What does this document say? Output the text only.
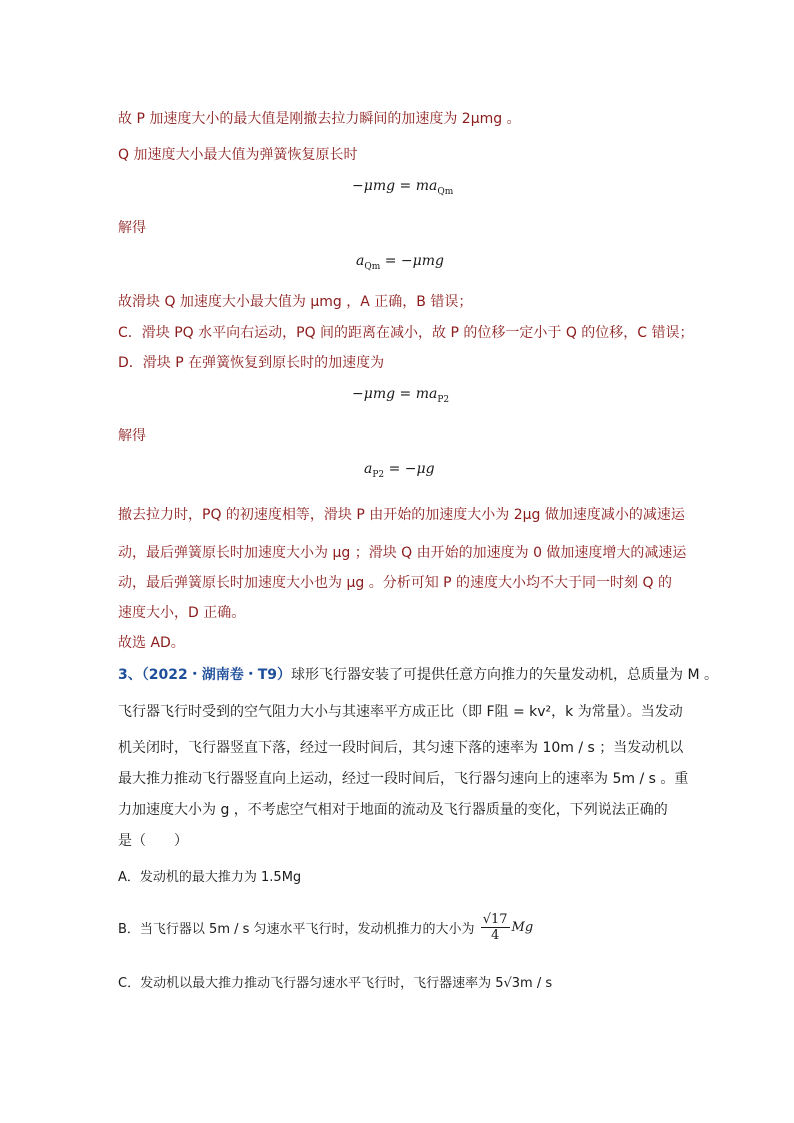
故 P 加速度大小的最大值是刚撤去拉力瞬间的加速度为 2μmg 。
Q 加速度大小最大值为弹簧恢复原长时
$-\mu mg = ma_{Qm}$
解得
$a_{Qm} = -\mu mg$
故滑块 Q 加速度大小最大值为 μmg ，A 正确，B 错误；
C．滑块 PQ 水平向右运动，PQ 间的距离在减小，故 P 的位移一定小于 Q 的位移，C 错误；
D．滑块 P 在弹簧恢复到原长时的加速度为
$-\mu mg = ma_{P2}$
解得
$a_{P2} = -\mu g$
撤去拉力时，PQ 的初速度相等，滑块 P 由开始的加速度大小为 2μg 做加速度减小的减速运
动，最后弹簧原长时加速度大小为 μg ；滑块 Q 由开始的加速度为 0 做加速度增大的减速运
动，最后弹簧原长时加速度大小也为 μg 。分析可知 P 的速度大小均不大于同一时刻 Q 的
速度大小，D 正确。
故选 AD。
3、（2022・湖南卷・T9）球形飞行器安装了可提供任意方向推力的矢量发动机，总质量为 M 。
飞行器飞行时受到的空气阻力大小与其速率平方成正比（即 F阻 = kv²，k 为常量）。当发动
机关闭时，飞行器竖直下落，经过一段时间后，其匀速下落的速率为 10m / s ；当发动机以
最大推力推动飞行器竖直向上运动，经过一段时间后，飞行器匀速向上的速率为 5m / s 。重
力加速度大小为 g ，不考虑空气相对于地面的流动及飞行器质量的变化，下列说法正确的
是（　　）
A．发动机的最大推力为 1.5Mg
B．当飞行器以 5m / s 匀速水平飞行时，发动机推力的大小为 $\frac{√17}{4}$ Mg
C．发动机以最大推力推动飞行器匀速水平飞行时，飞行器速率为 5√3m / s
